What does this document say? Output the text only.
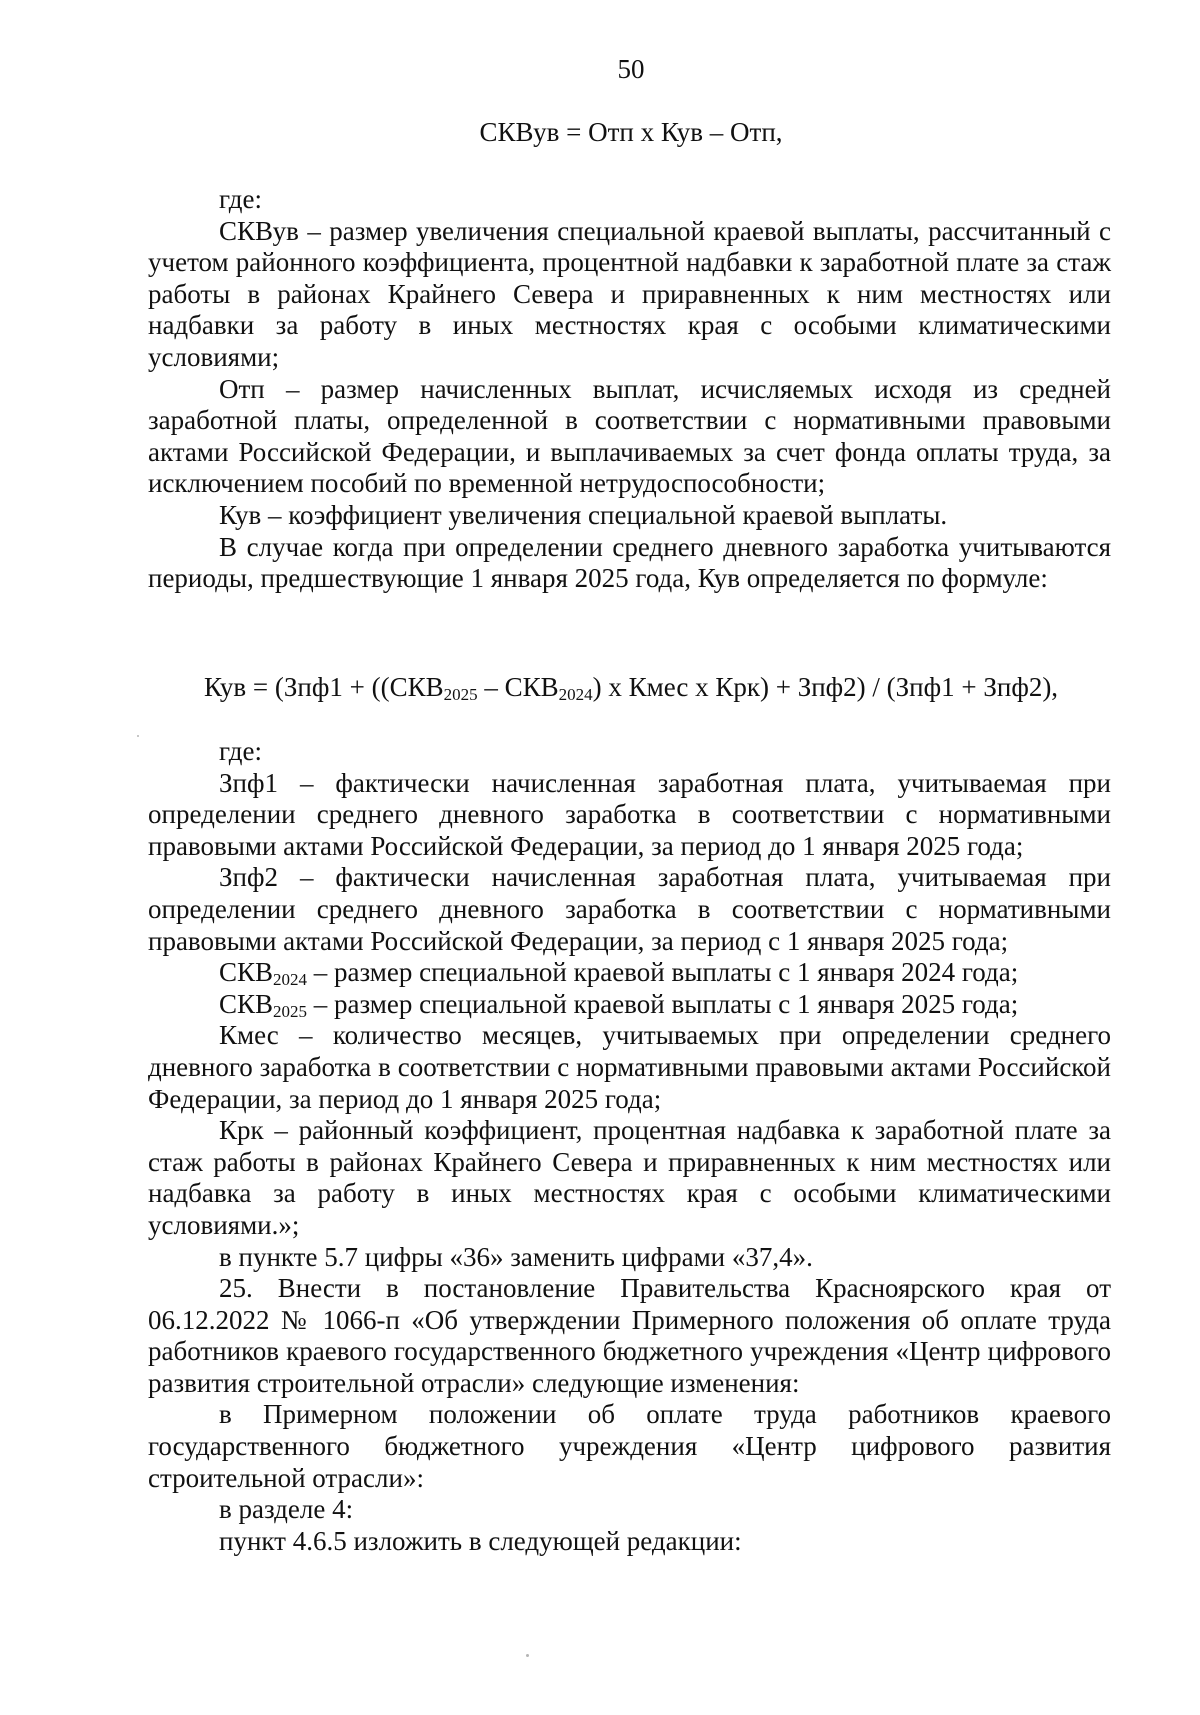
50
СКВув = Отп х Кув – Отп,

где:

СКВув – размер увеличения специальной краевой выплаты, рассчитанный с учетом районного коэффициента, процентной надбавки к заработной плате за стаж работы в районах Крайнего Севера и приравненных к ним местностях или надбавки за работу в иных местностях края с особыми климатическими условиями;

Отп – размер начисленных выплат, исчисляемых исходя из средней заработной платы, определенной в соответствии с нормативными правовыми актами Российской Федерации, и выплачиваемых за счет фонда оплаты труда, за исключением пособий по временной нетрудоспособности;

Кув – коэффициент увеличения специальной краевой выплаты.

В случае когда при определении среднего дневного заработка учитываются периоды, предшествующие 1 января 2025 года, Кув определяется по формуле:

Кув = ($Зпф1 + ((СКВ_{2025} - СКВ_{2024})$ х Кмес х Крк) + Зпф2) / (Зпф1 + Зпф2),

где:

Зпф1 – фактически начисленная заработная плата, учитываемая при определении среднего дневного заработка в соответствии с нормативными правовыми актами Российской Федерации, за период до 1 января 2025 года;

Зпф2 – фактически начисленная заработная плата, учитываемая при определении среднего дневного заработка в соответствии с нормативными правовыми актами Российской Федерации, за период с 1 января 2025 года;

$СКВ_{2024}$ – размер специальной краевой выплаты с 1 января 2024 года;

$СКВ_{2025}$ – размер специальной краевой выплаты с 1 января 2025 года;

Кмес – количество месяцев, учитываемых при определении среднего дневного заработка в соответствии с нормативными правовыми актами Российской Федерации, за период до 1 января 2025 года;

Крк – районный коэффициент, процентная надбавка к заработной плате за стаж работы в районах Крайнего Севера и приравненных к ним местностях или надбавка за работу в иных местностях края с особыми климатическими условиями.»;

в пункте 5.7 цифры «36» заменить цифрами «37,4».

25. Внести в постановление Правительства Красноярского края от 06.12.2022 № 1066-п «Об утверждении Примерного положения об оплате труда работников краевого государственного бюджетного учреждения «Центр цифрового развития строительной отрасли» следующие изменения:

в Примерном положении об оплате труда работников краевого государственного бюджетного учреждения «Центр цифрового развития строительной отрасли»:

в разделе 4:

пункт 4.6.5 изложить в следующей редакции:
